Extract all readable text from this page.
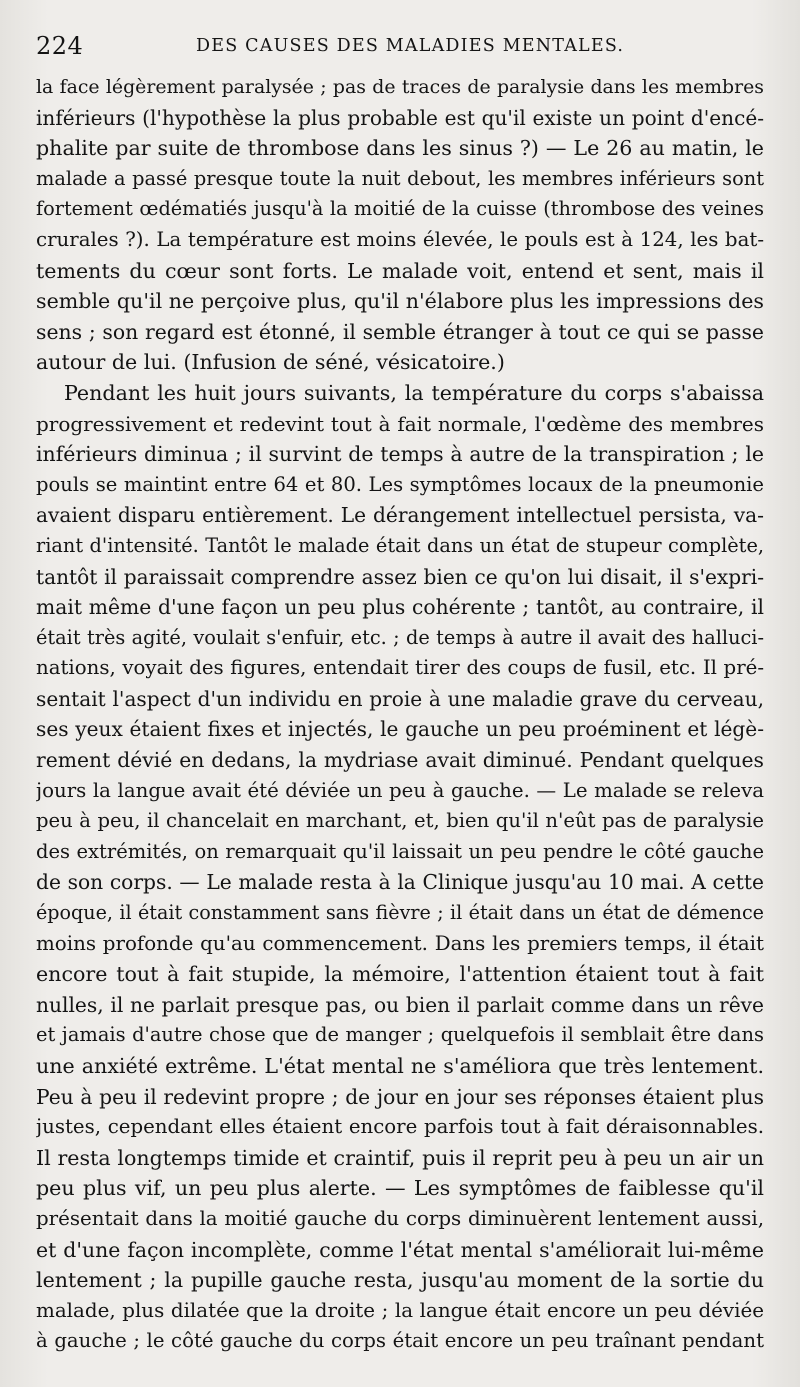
224	DES CAUSES DES MALADIES MENTALES.
la face légèrement paralysée ; pas de traces de paralysie dans les membres
inférieurs (l'hypothèse la plus probable est qu'il existe un point d'encé-
phalite par suite de thrombose dans les sinus ?) — Le 26 au matin, le
malade a passé presque toute la nuit debout, les membres inférieurs sont
fortement œdématiés jusqu'à la moitié de la cuisse (thrombose des veines
crurales ?). La température est moins élevée, le pouls est à 124, les bat-
tements du cœur sont forts. Le malade voit, entend et sent, mais il
semble qu'il ne perçoive plus, qu'il n'élabore plus les impressions des
sens ; son regard est étonné, il semble étranger à tout ce qui se passe
autour de lui. (Infusion de séné, vésicatoire.)
Pendant les huit jours suivants, la température du corps s'abaissa
progressivement et redevint tout à fait normale, l'œdème des membres
inférieurs diminua ; il survint de temps à autre de la transpiration ; le
pouls se maintint entre 64 et 80. Les symptômes locaux de la pneumonie
avaient disparu entièrement. Le dérangement intellectuel persista, va-
riant d'intensité. Tantôt le malade était dans un état de stupeur complète,
tantôt il paraissait comprendre assez bien ce qu'on lui disait, il s'expri-
mait même d'une façon un peu plus cohérente ; tantôt, au contraire, il
était très agité, voulait s'enfuir, etc. ; de temps à autre il avait des halluci-
nations, voyait des figures, entendait tirer des coups de fusil, etc. Il pré-
sentait l'aspect d'un individu en proie à une maladie grave du cerveau,
ses yeux étaient fixes et injectés, le gauche un peu proéminent et légè-
rement dévié en dedans, la mydriase avait diminué. Pendant quelques
jours la langue avait été déviée un peu à gauche. — Le malade se releva
peu à peu, il chancelait en marchant, et, bien qu'il n'eût pas de paralysie
des extrémités, on remarquait qu'il laissait un peu pendre le côté gauche
de son corps. — Le malade resta à la Clinique jusqu'au 10 mai. A cette
époque, il était constamment sans fièvre ; il était dans un état de démence
moins profonde qu'au commencement. Dans les premiers temps, il était
encore tout à fait stupide, la mémoire, l'attention étaient tout à fait
nulles, il ne parlait presque pas, ou bien il parlait comme dans un rêve
et jamais d'autre chose que de manger ; quelquefois il semblait être dans
une anxiété extrême. L'état mental ne s'améliora que très lentement.
Peu à peu il redevint propre ; de jour en jour ses réponses étaient plus
justes, cependant elles étaient encore parfois tout à fait déraisonnables.
Il resta longtemps timide et craintif, puis il reprit peu à peu un air un
peu plus vif, un peu plus alerte. — Les symptômes de faiblesse qu'il
présentait dans la moitié gauche du corps diminuèrent lentement aussi,
et d'une façon incomplète, comme l'état mental s'améliorait lui-même
lentement ; la pupille gauche resta, jusqu'au moment de la sortie du
malade, plus dilatée que la droite ; la langue était encore un peu déviée
à gauche ; le côté gauche du corps était encore un peu traînant pendant
